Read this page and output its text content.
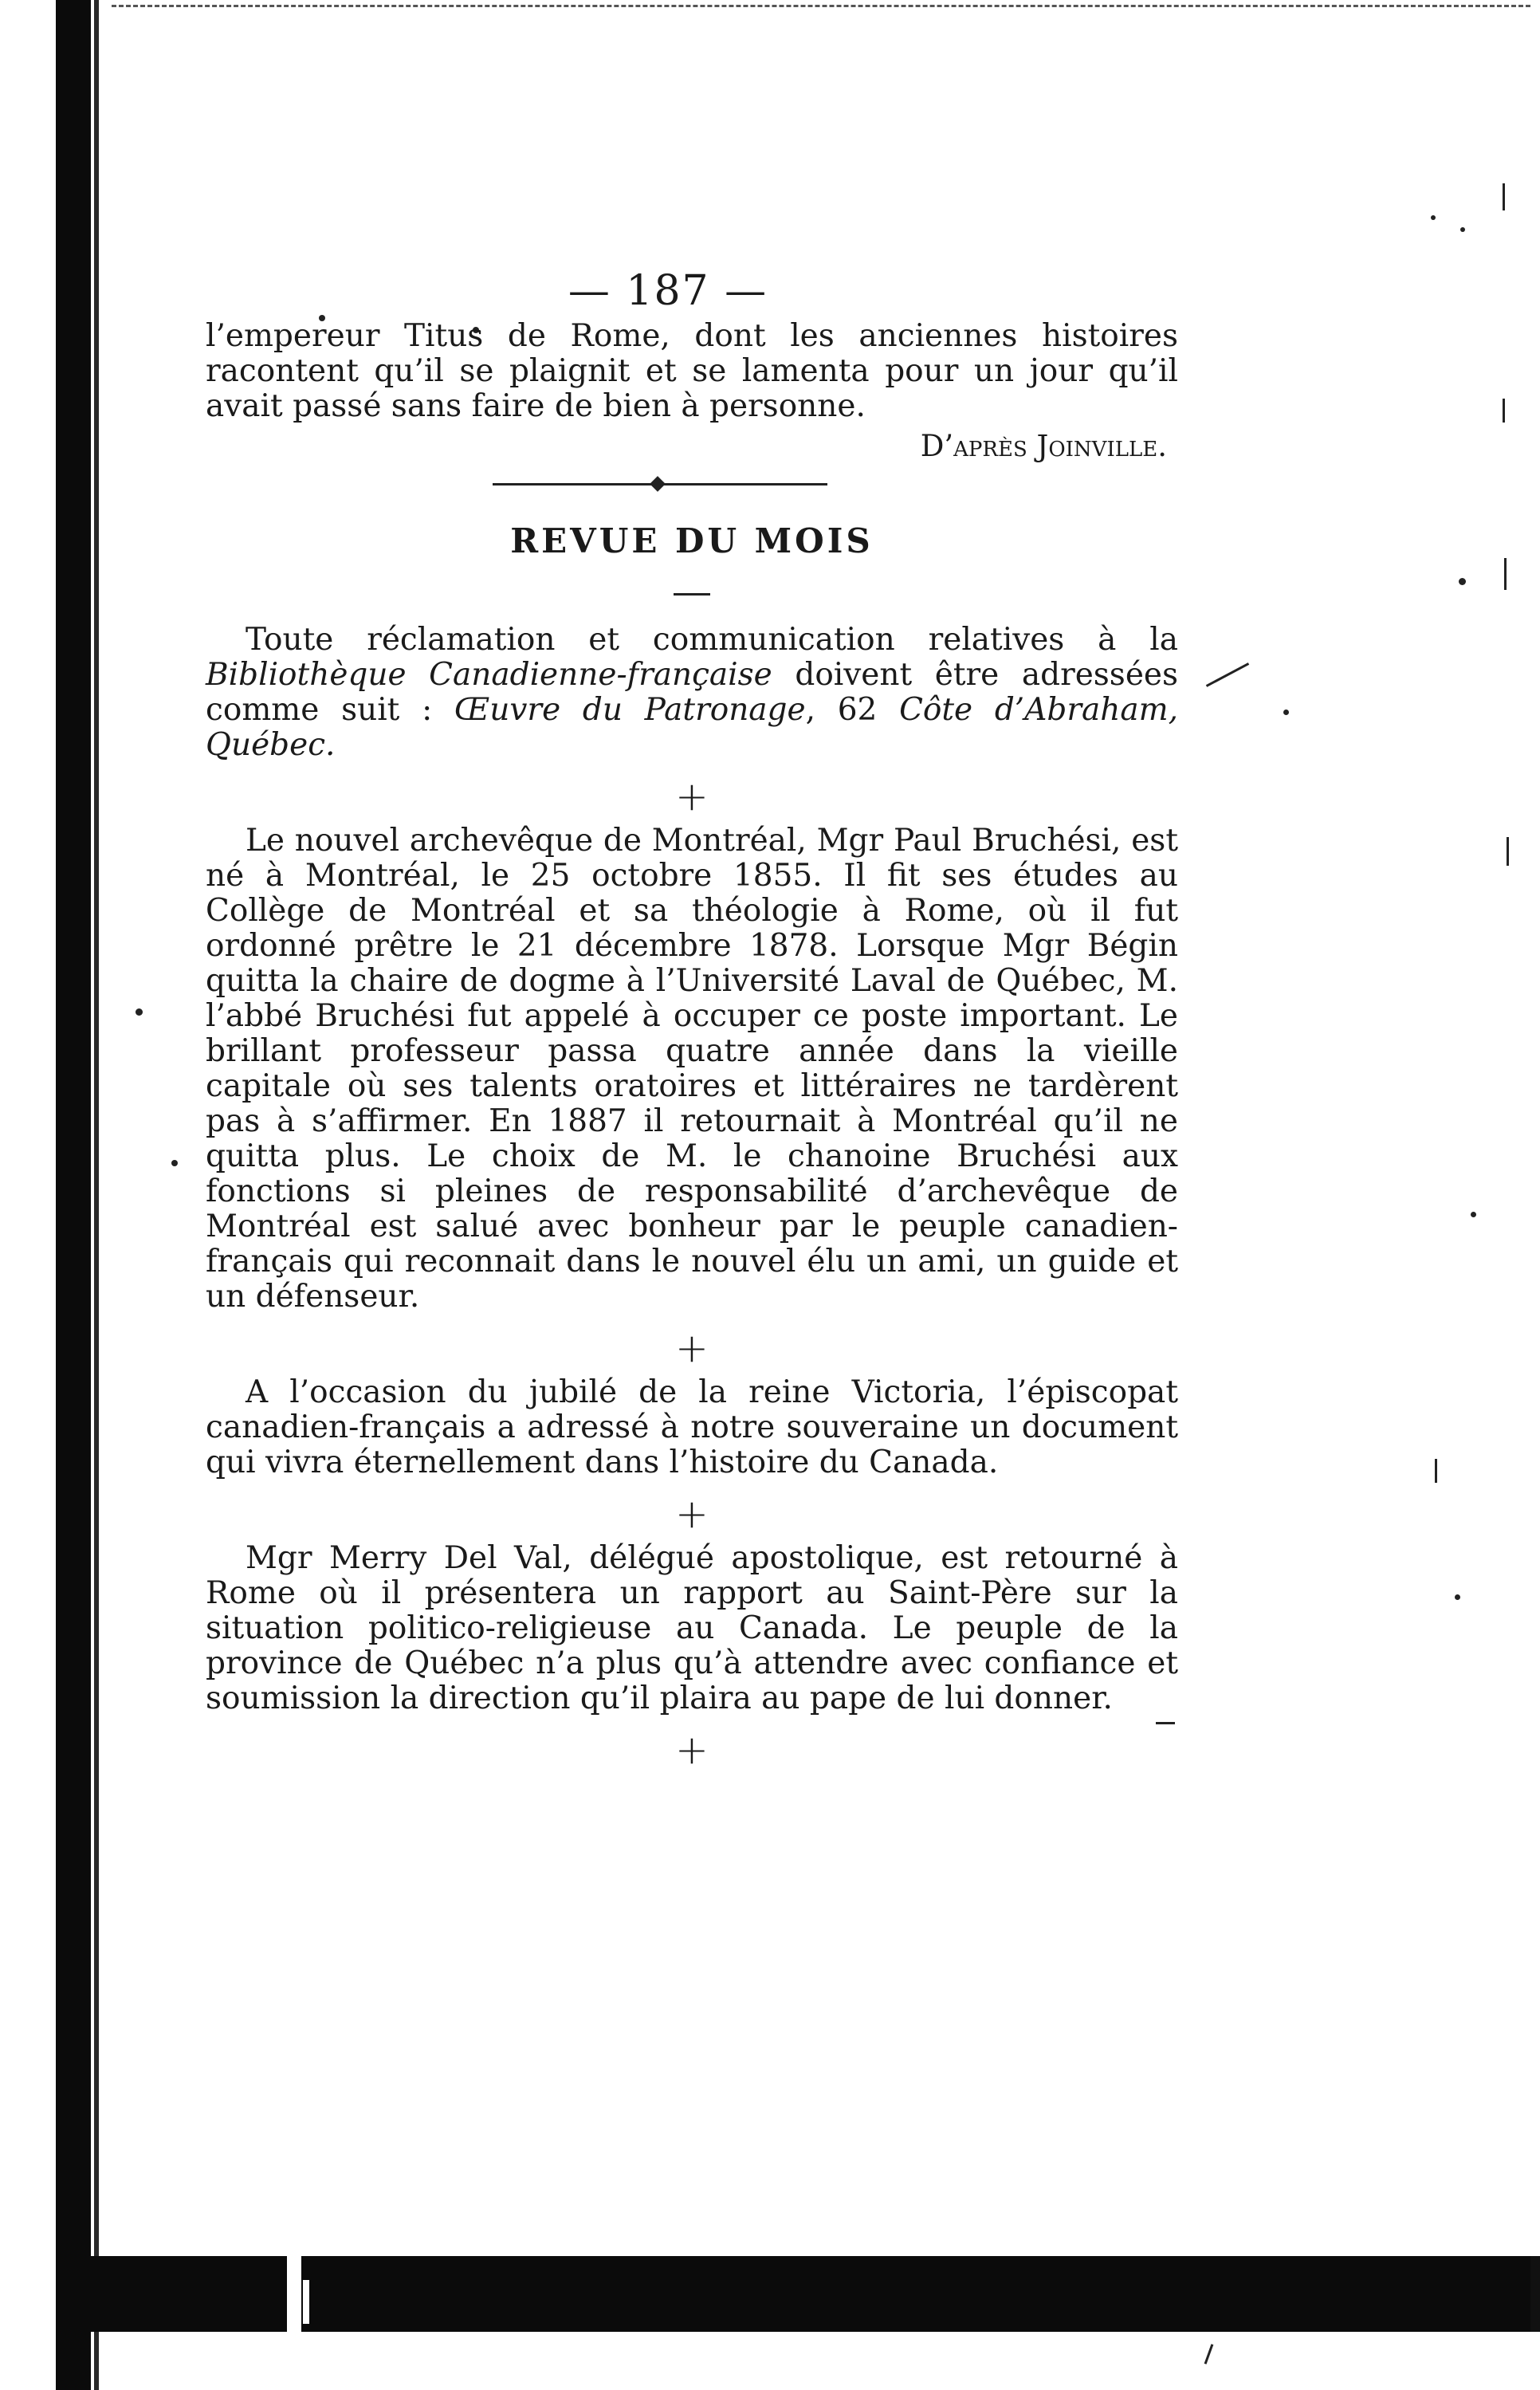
— 187 —

l’empereur Titus de Rome, dont les anciennes histoires racontent qu’il se plaignit et se lamenta pour un jour qu’il avait passé sans faire de bien à personne.

D’après Joinville.
REVUE DU MOIS

Toute réclamation et communication relatives à la Bibliothèque Canadienne-française doivent être adressées comme suit : Œuvre du Patronage, 62 Côte d’Abraham, Québec.

+

Le nouvel archevêque de Montréal, Mgr Paul Bruchési, est né à Montréal, le 25 octobre 1855. Il fit ses études au Collège de Montréal et sa théologie à Rome, où il fut ordonné prêtre le 21 décembre 1878. Lorsque Mgr Bégin quitta la chaire de dogme à l’Université Laval de Québec, M. l’abbé Bruchési fut appelé à occuper ce poste important. Le brillant professeur passa quatre année dans la vieille capitale où ses talents oratoires et littéraires ne tardèrent pas à s’affirmer. En 1887 il retournait à Montréal qu’il ne quitta plus. Le choix de M. le chanoine Bruchési aux fonctions si pleines de responsabilité d’archevêque de Montréal est salué avec bonheur par le peuple canadien-français qui reconnait dans le nouvel élu un ami, un guide et un défenseur.

+

A l’occasion du jubilé de la reine Victoria, l’épiscopat canadien-français a adressé à notre souveraine un document qui vivra éternellement dans l’histoire du Canada.

+

Mgr Merry Del Val, délégué apostolique, est retourné à Rome où il présentera un rapport au Saint-Père sur la situation politico-religieuse au Canada. Le peuple de la province de Québec n’a plus qu’à attendre avec confiance et soumission la direction qu’il plaira au pape de lui donner.

+
